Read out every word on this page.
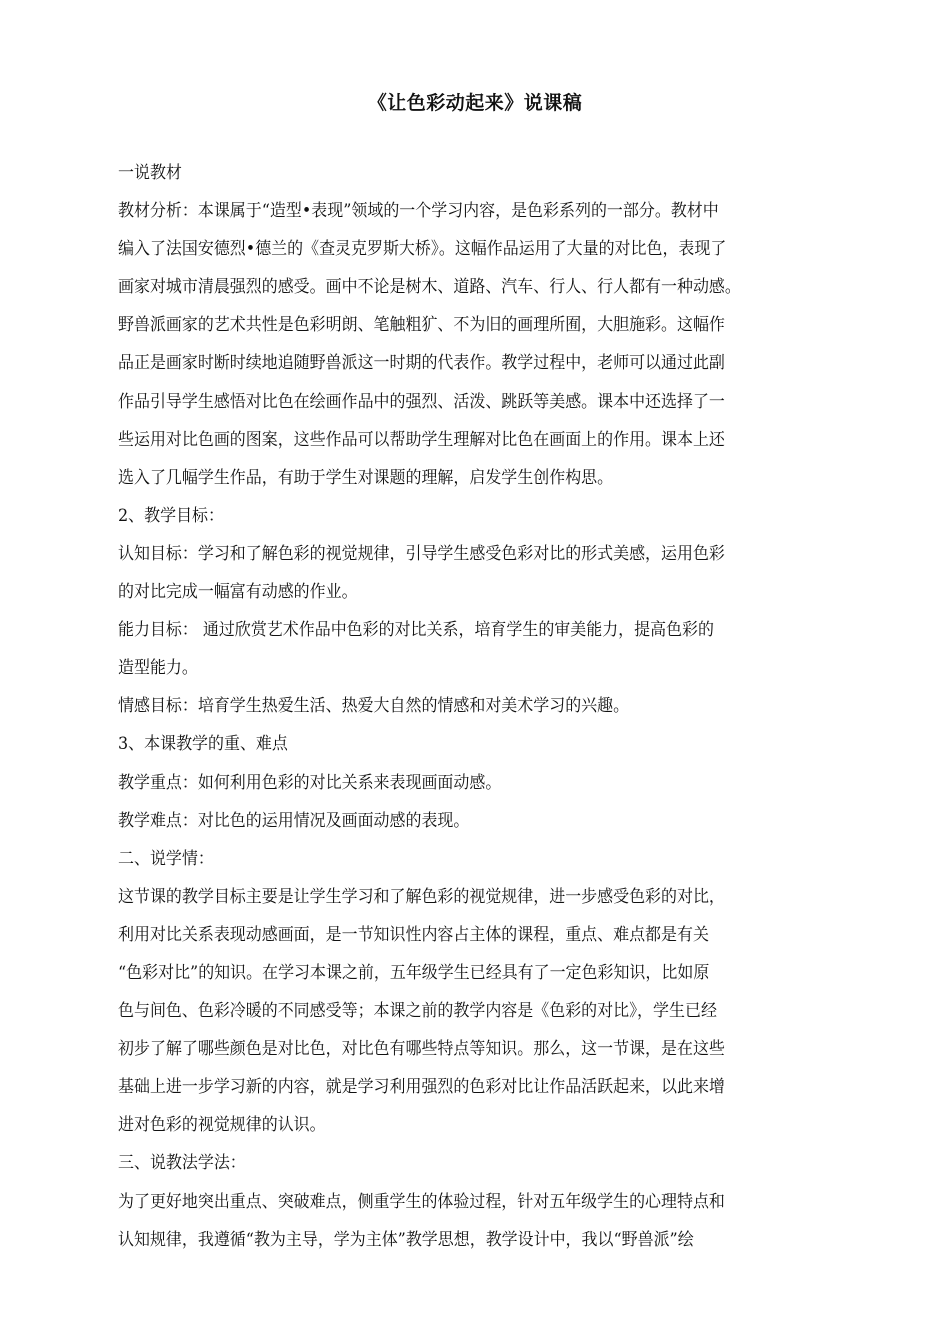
《让色彩动起来》说课稿
一说教材
教材分析：本课属于“造型•表现”领域的一个学习内容，是色彩系列的一部分。教材中
编入了法国安德烈•德兰的《查灵克罗斯大桥》。这幅作品运用了大量的对比色，表现了
画家对城市清晨强烈的感受。画中不论是树木、道路、汽车、行人、行人都有一种动感。
野兽派画家的艺术共性是色彩明朗、笔触粗犷、不为旧的画理所囿，大胆施彩。这幅作
品正是画家时断时续地追随野兽派这一时期的代表作。教学过程中，老师可以通过此副
作品引导学生感悟对比色在绘画作品中的强烈、活泼、跳跃等美感。课本中还选择了一
些运用对比色画的图案，这些作品可以帮助学生理解对比色在画面上的作用。课本上还
选入了几幅学生作品，有助于学生对课题的理解，启发学生创作构思。
2、教学目标：
认知目标：学习和了解色彩的视觉规律，引导学生感受色彩对比的形式美感，运用色彩
的对比完成一幅富有动感的作业。
能力目标： 通过欣赏艺术作品中色彩的对比关系，培育学生的审美能力，提高色彩的
造型能力。
情感目标：培育学生热爱生活、热爱大自然的情感和对美术学习的兴趣。
3、本课教学的重、难点
教学重点：如何利用色彩的对比关系来表现画面动感。
教学难点：对比色的运用情况及画面动感的表现。
二、说学情：
这节课的教学目标主要是让学生学习和了解色彩的视觉规律，进一步感受色彩的对比，
利用对比关系表现动感画面，是一节知识性内容占主体的课程，重点、难点都是有关
“色彩对比”的知识。在学习本课之前，五年级学生已经具有了一定色彩知识，比如原
色与间色、色彩冷暖的不同感受等；本课之前的教学内容是《色彩的对比》，学生已经
初步了解了哪些颜色是对比色，对比色有哪些特点等知识。那么，这一节课，是在这些
基础上进一步学习新的内容，就是学习利用强烈的色彩对比让作品活跃起来，以此来增
进对色彩的视觉规律的认识。
三、说教法学法：
为了更好地突出重点、突破难点，侧重学生的体验过程，针对五年级学生的心理特点和
认知规律，我遵循“教为主导，学为主体”教学思想，教学设计中，我以“野兽派”绘
